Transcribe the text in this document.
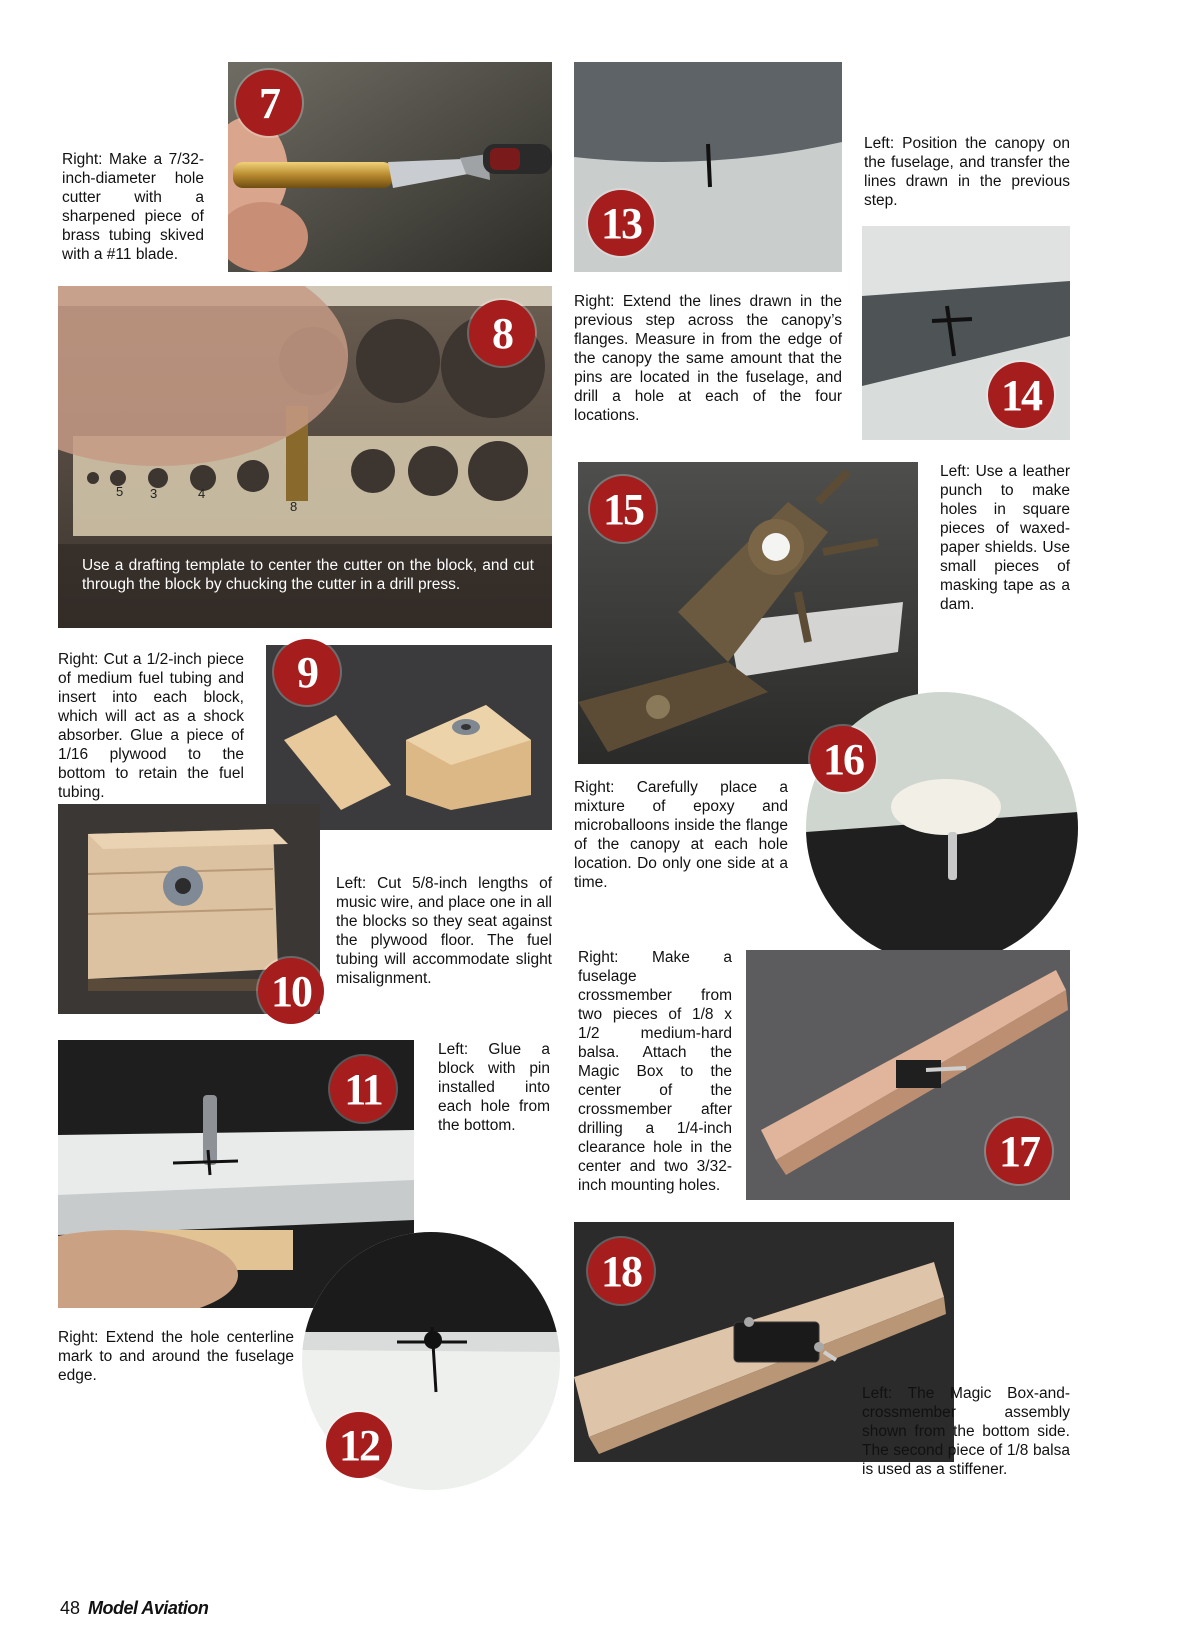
7
Right: Make a 7/32-inch-diameter hole cutter with a sharpened piece of brass tubing skived with a #11 blade.
5 3	4
8
8
Use a drafting template to center the cutter on the block, and cut through the block by chucking the cutter in a drill press.
9
Right: Cut a 1/2-inch piece of medium fuel tubing and insert into each block, which will act as a shock absorber. Glue a piece of 1/16 plywood to the bottom to retain the fuel tubing.
10
Left: Cut 5/8-inch lengths of music wire, and place one in all the blocks so they seat against the plywood floor. The fuel tubing will accommodate slight misalignment.
11
Left: Glue a block with pin installed into each hole from the bottom.
12
Right: Extend the hole centerline mark to and around the fuselage edge.
13
Left: Position the canopy on the fuselage, and transfer the lines drawn in the previous step.
14
Right: Extend the lines drawn in the previous step across the canopy’s flanges. Measure in from the edge of the canopy the same amount that the pins are located in the fuselage, and drill a hole at each of the four locations.
15
Left: Use a leather punch to make holes in square pieces of waxed-paper shields. Use small pieces of masking tape as a dam.
16
Right: Carefully place a mixture of epoxy and microballoons inside the flange of the canopy at each hole location. Do only one side at a time.
17
Right: Make a fuselage crossmember from two pieces of 1/8 x 1/2 medium-hard balsa. Attach the Magic Box to the center of the crossmember after drilling a 1/4-inch clearance hole in the center and two 3/32-inch mounting holes.
18
Left: The Magic Box-and-crossmember assembly shown from the bottom side. The second piece of 1/8 balsa is used as a stiffener.
48 Model Aviation
